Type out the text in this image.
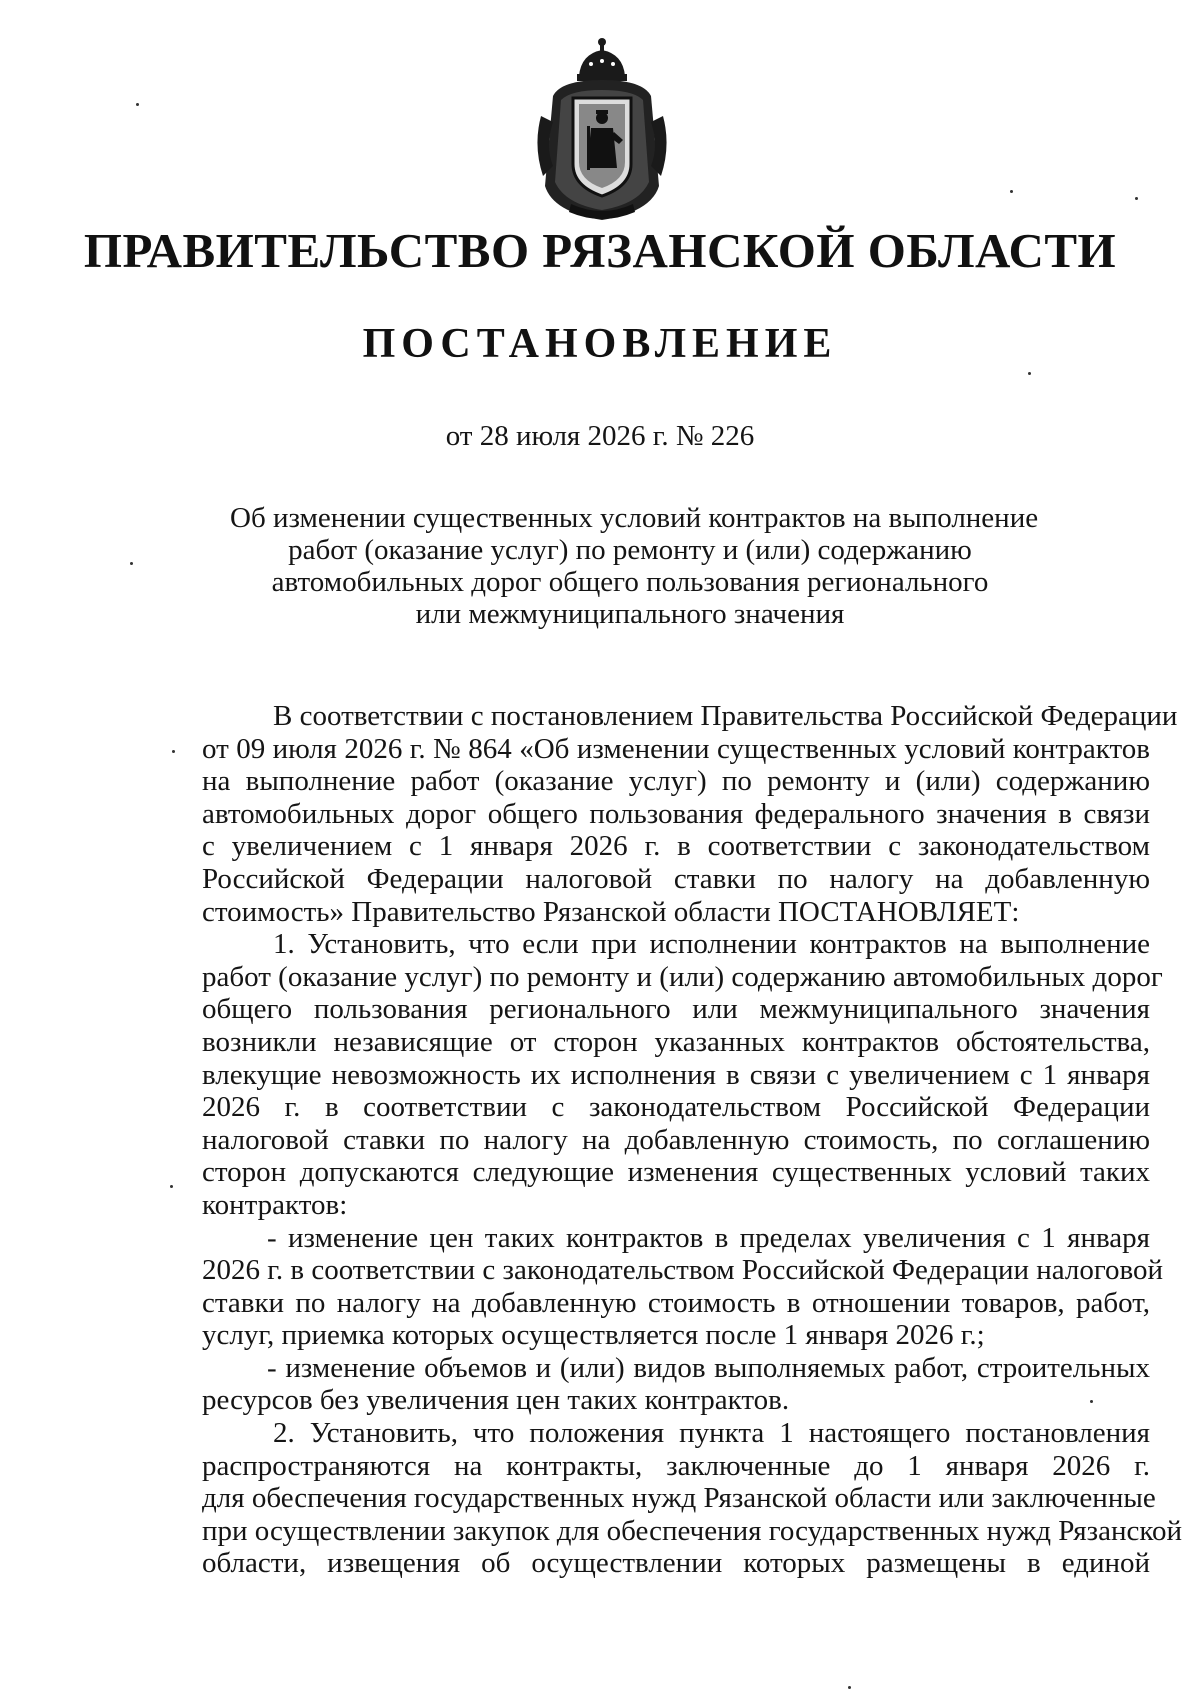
ПРАВИТЕЛЬСТВО РЯЗАНСКОЙ ОБЛАСТИ
ПОСТАНОВЛЕНИЕ
от 28 июля 2026 г. № 226
Об изменении существенных условий контрактов на выполнение
работ (оказание услуг) по ремонту и (или) содержанию
автомобильных дорог общего пользования регионального
или межмуниципального значения
В соответствии с постановлением Правительства Российской Федерации
от 09 июля 2026 г. № 864 «Об изменении существенных условий контрактов
на выполнение работ (оказание услуг) по ремонту и (или) содержанию
автомобильных дорог общего пользования федерального значения в связи
с увеличением с 1 января 2026 г. в соответствии с законодательством
Российской Федерации налоговой ставки по налогу на добавленную
стоимость» Правительство Рязанской области ПОСТАНОВЛЯЕТ:
1. Установить, что если при исполнении контрактов на выполнение
работ (оказание услуг) по ремонту и (или) содержанию автомобильных дорог
общего пользования регионального или межмуниципального значения
возникли независящие от сторон указанных контрактов обстоятельства,
влекущие невозможность их исполнения в связи с увеличением с 1 января
2026 г. в соответствии с законодательством Российской Федерации
налоговой ставки по налогу на добавленную стоимость, по соглашению
сторон допускаются следующие изменения существенных условий таких
контрактов:
- изменение цен таких контрактов в пределах увеличения с 1 января
2026 г. в соответствии с законодательством Российской Федерации налоговой
ставки по налогу на добавленную стоимость в отношении товаров, работ,
услуг, приемка которых осуществляется после 1 января 2026 г.;
- изменение объемов и (или) видов выполняемых работ, строительных
ресурсов без увеличения цен таких контрактов.
2. Установить, что положения пункта 1 настоящего постановления
распространяются на контракты, заключенные до 1 января 2026 г.
для обеспечения государственных нужд Рязанской области или заключенные
при осуществлении закупок для обеспечения государственных нужд Рязанской
области, извещения об осуществлении которых размещены в единой
